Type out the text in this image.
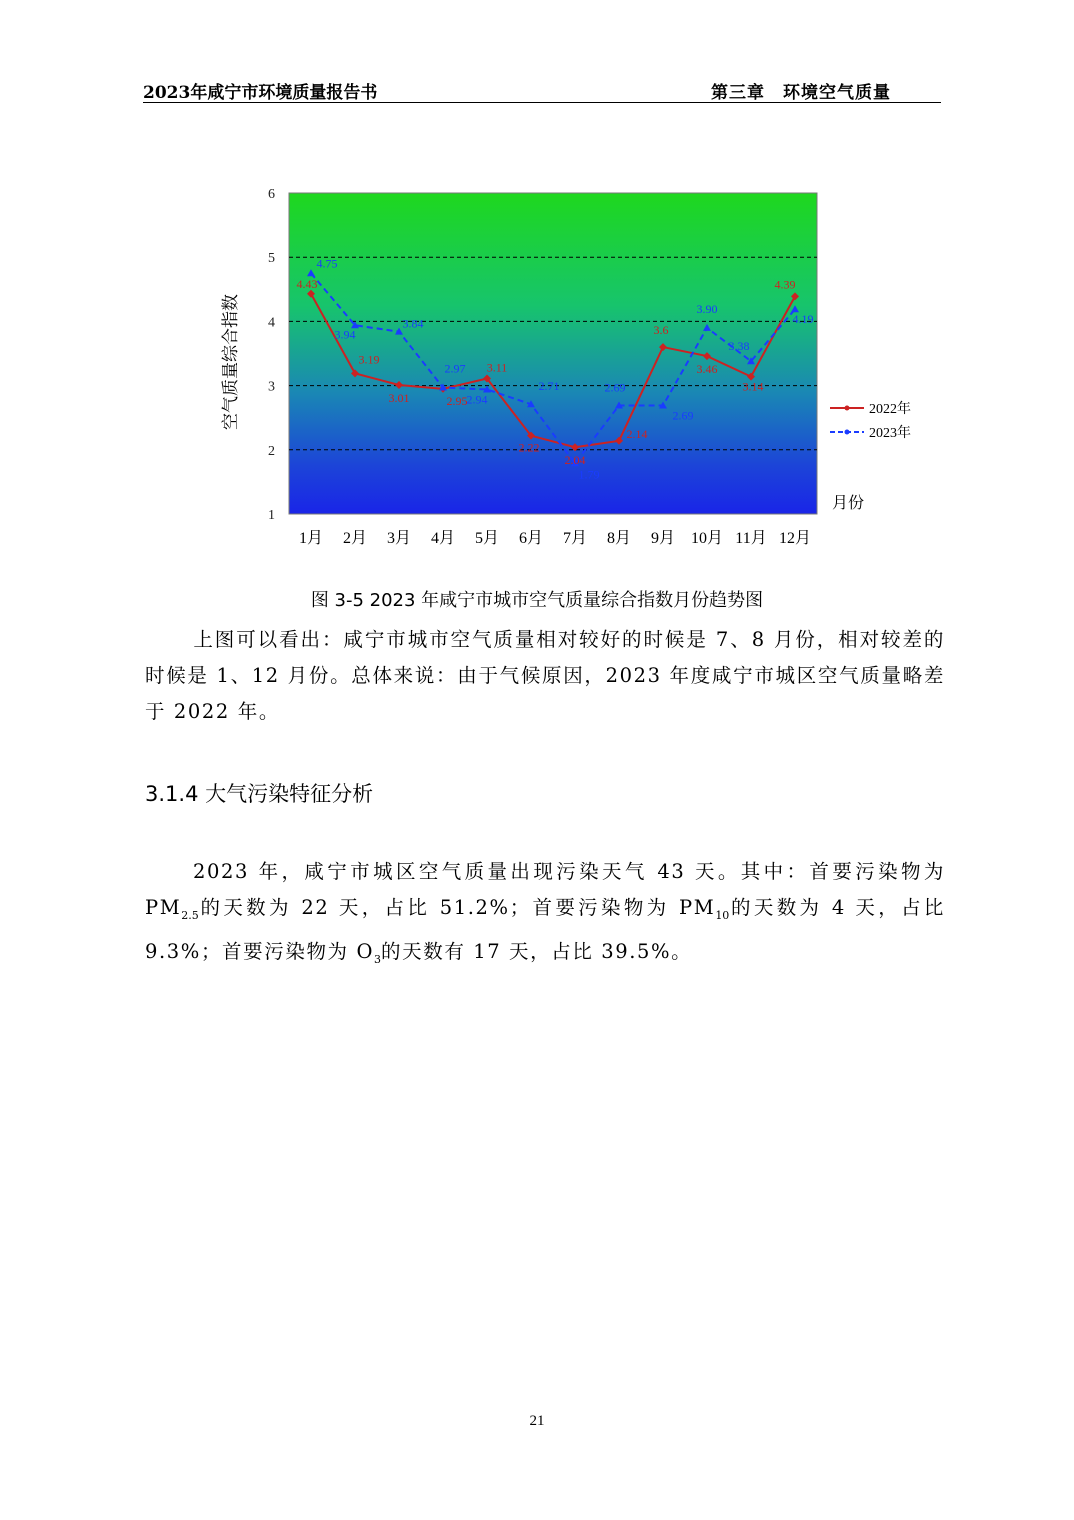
2023年咸宁市环境质量报告书	第三章 环境空气质量
1
2
3
4
5
6
1月 2月 3月 4月 5月 6月 7月 8月 9月 10月 11月 12月
4.43
3.19
3.01	2.95
3.11
2.22
2.04
2.14
3.6
3.46
3.14
4.39
4.75
3.94
3.84
2.97
2.94
2.71
1.79
2.69
2.69
3.90
3.38
4.19
空气质量综合指数
月份
2022年
2023年
图 3-5 2023 年咸宁市城市空气质量综合指数月份趋势图
上图可以看出：咸宁市城市空气质量相对较好的时候是 7、8 月份，相对较差的时候是 1、12 月份。总体来说：由于气候原因，2023 年度咸宁市城区空气质量略差于 2022 年。
3.1.4 大气污染特征分析
2023 年，咸宁市城区空气质量出现污染天气 43 天。其中：首要污染物为 $PM_{2.5}$的天数为 22 天，占比 51.2%；首要污染物为 $PM_{10}$的天数为 4 天，占比 9.3%；首要污染物为 $O_3$的天数有 17 天，占比 39.5%。
21
